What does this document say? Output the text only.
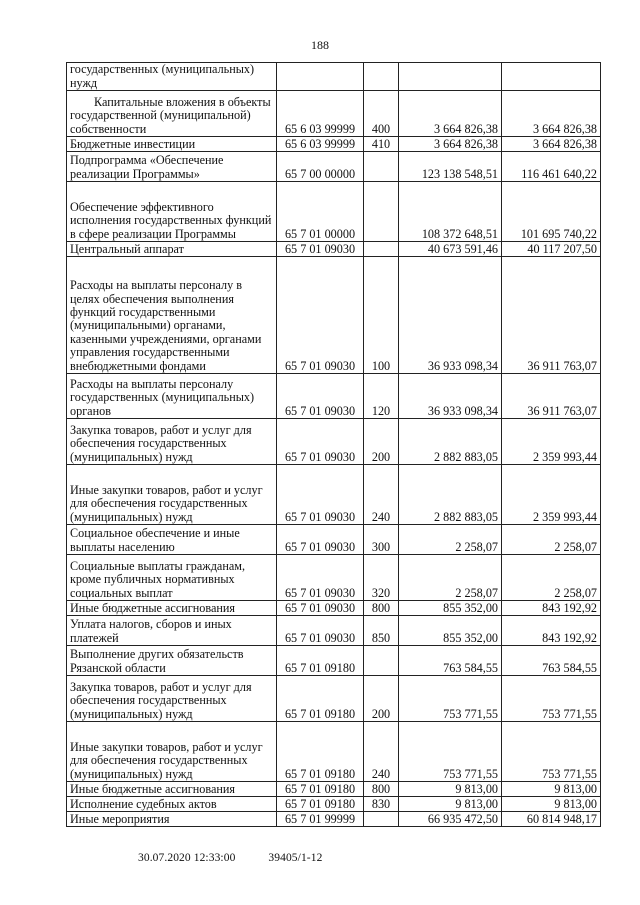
188
государственных (муниципальных) нужд				
Капитальные вложения в объекты государственной (муниципальной) собственности	65 6 03 99999	400	3 664 826,38	3 664 826,38
Бюджетные инвестиции	65 6 03 99999	410	3 664 826,38	3 664 826,38
Подпрограмма «Обеспечение реализации Программы»	65 7 00 00000		123 138 548,51	116 461 640,22
Обеспечение эффективного исполнения государственных функций в сфере реализации Программы	65 7 01 00000		108 372 648,51	101 695 740,22
Центральный аппарат	65 7 01 09030		40 673 591,46	40 117 207,50
Расходы на выплаты персоналу в целях обеспечения выполнения функций государственными (муниципальными) органами, казенными учреждениями, органами управления государственными внебюджетными фондами	65 7 01 09030	100	36 933 098,34	36 911 763,07
Расходы на выплаты персоналу государственных (муниципальных) органов	65 7 01 09030	120	36 933 098,34	36 911 763,07
Закупка товаров, работ и услуг для обеспечения государственных (муниципальных) нужд	65 7 01 09030	200	2 882 883,05	2 359 993,44
Иные закупки товаров, работ и услуг для обеспечения государственных (муниципальных) нужд	65 7 01 09030	240	2 882 883,05	2 359 993,44
Социальное обеспечение и иные выплаты населению	65 7 01 09030	300	2 258,07	2 258,07
Социальные выплаты гражданам, кроме публичных нормативных социальных выплат	65 7 01 09030	320	2 258,07	2 258,07
Иные бюджетные ассигнования	65 7 01 09030	800	855 352,00	843 192,92
Уплата налогов, сборов и иных платежей	65 7 01 09030	850	855 352,00	843 192,92
Выполнение других обязательств Рязанской области	65 7 01 09180		763 584,55	763 584,55
Закупка товаров, работ и услуг для обеспечения государственных (муниципальных) нужд	65 7 01 09180	200	753 771,55	753 771,55
Иные закупки товаров, работ и услуг для обеспечения государственных (муниципальных) нужд	65 7 01 09180	240	753 771,55	753 771,55
Иные бюджетные ассигнования	65 7 01 09180	800	9 813,00	9 813,00
Исполнение судебных актов	65 7 01 09180	830	9 813,00	9 813,00
Иные мероприятия	65 7 01 99999		66 935 472,50	60 814 948,17
30.07.2020 12:33:00	39405/1-12
